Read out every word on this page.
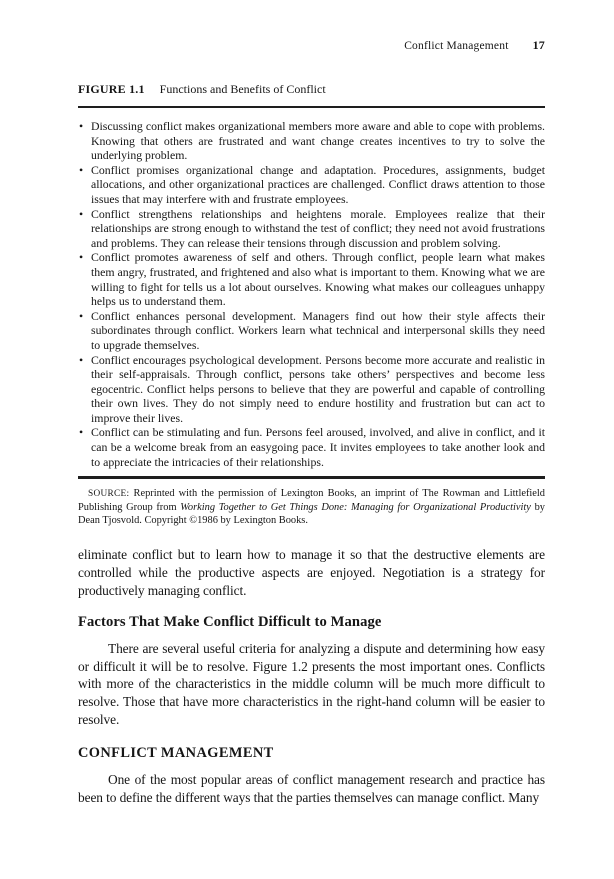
Conflict Management 17
FIGURE 1.1 Functions and Benefits of Conflict
• Discussing conflict makes organizational members more aware and able to cope with problems. Knowing that others are frustrated and want change creates incentives to try to solve the underlying problem.
• Conflict promises organizational change and adaptation. Procedures, assignments, budget allocations, and other organizational practices are challenged. Conflict draws attention to those issues that may interfere with and frustrate employees.
• Conflict strengthens relationships and heightens morale. Employees realize that their relationships are strong enough to withstand the test of conflict; they need not avoid frustrations and problems. They can release their tensions through discussion and problem solving.
• Conflict promotes awareness of self and others. Through conflict, people learn what makes them angry, frustrated, and frightened and also what is important to them. Knowing what we are willing to fight for tells us a lot about ourselves. Knowing what makes our colleagues unhappy helps us to understand them.
• Conflict enhances personal development. Managers find out how their style affects their subordinates through conflict. Workers learn what technical and interpersonal skills they need to upgrade themselves.
• Conflict encourages psychological development. Persons become more accurate and realistic in their self-appraisals. Through conflict, persons take others’ perspectives and become less egocentric. Conflict helps persons to believe that they are powerful and capable of controlling their own lives. They do not simply need to endure hostility and frustration but can act to improve their lives.
• Conflict can be stimulating and fun. Persons feel aroused, involved, and alive in conflict, and it can be a welcome break from an easygoing pace. It invites employees to take another look and to appreciate the intricacies of their relationships.

SOURCE: Reprinted with the permission of Lexington Books, an imprint of The Rowman and Littlefield Publishing Group from Working Together to Get Things Done: Managing for Organizational Productivity by Dean Tjosvold. Copyright ©1986 by Lexington Books.

eliminate conflict but to learn how to manage it so that the destructive elements are controlled while the productive aspects are enjoyed. Negotiation is a strategy for productively managing conflict.

Factors That Make Conflict Difficult to Manage

There are several useful criteria for analyzing a dispute and determining how easy or difficult it will be to resolve. Figure 1.2 presents the most important ones. Conflicts with more of the characteristics in the middle column will be much more difficult to resolve. Those that have more characteristics in the right-hand column will be easier to resolve.

CONFLICT MANAGEMENT

One of the most popular areas of conflict management research and practice has been to define the different ways that the parties themselves can manage conflict. Many
